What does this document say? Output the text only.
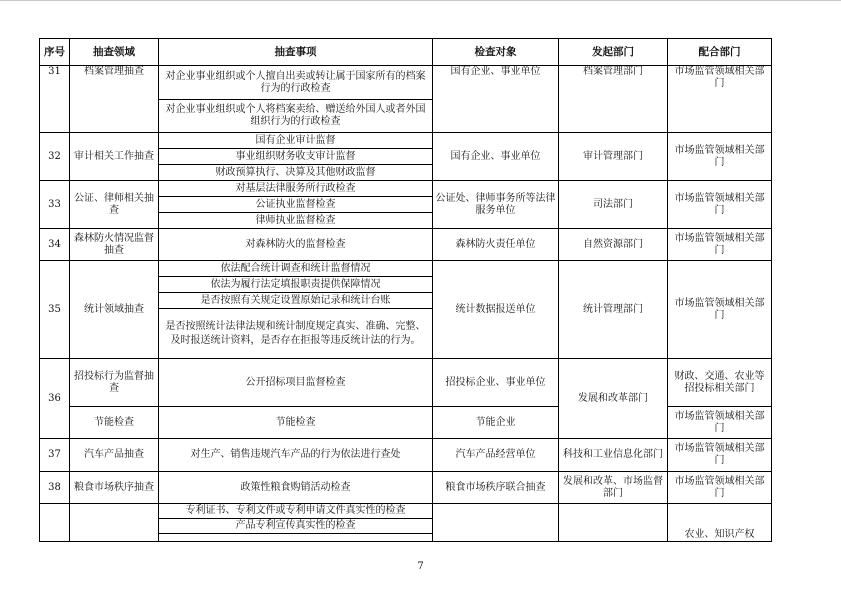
序号	抽查领域	抽查事项	检查对象	发起部门	配合部门
31	档案管理抽查	对企业事业组织或个人擅自出卖或转让属于国家所有的档案行为的行政检查	国有企业、事业单位	档案管理部门	市场监管领域相关部门
		对企业事业组织或个人将档案卖给、赠送给外国人或者外国组织行为的行政检查			
32	审计相关工作抽查	国有企业审计监督	国有企业、事业单位	审计管理部门	市场监管领域相关部门
		事业组织财务收支审计监督			
		财政预算执行、决算及其他财政监督			
33	公证、律师相关抽查	对基层法律服务所行政检查	公证处、律师事务所等法律服务单位	司法部门	市场监管领域相关部门
		公证执业监督检查			
		律师执业监督检查			
34	森林防火情况监督抽查	对森林防火的监督检查	森林防火责任单位	自然资源部门	市场监管领域相关部门
35	统计领域抽查	依法配合统计调查和统计监督情况	统计数据报送单位	统计管理部门	市场监管领域相关部门
		依法为履行法定填报职责提供保障情况			
		是否按照有关规定设置原始记录和统计台账			
		是否按照统计法律法规和统计制度规定真实、准确、完整、及时报送统计资料，是否存在拒报等违反统计法的行为。			
36	招投标行为监督抽查	公开招标项目监督检查	招投标企业、事业单位	发展和改革部门	财政、交通、农业等招投标相关部门
	节能检查	节能检查	节能企业		市场监管领域相关部门
37	汽车产品抽查	对生产、销售违规汽车产品的行为依法进行查处	汽车产品经营单位	科技和工业信息化部门	市场监管领域相关部门
38	粮食市场秩序抽查	政策性粮食购销活动检查	粮食市场秩序联合抽查	发展和改革、市场监督部门	市场监管领域相关部门
		专利证书、专利文件或专利申请文件真实性的检查			农业、知识产权
		产品专利宣传真实性的检查			

7
